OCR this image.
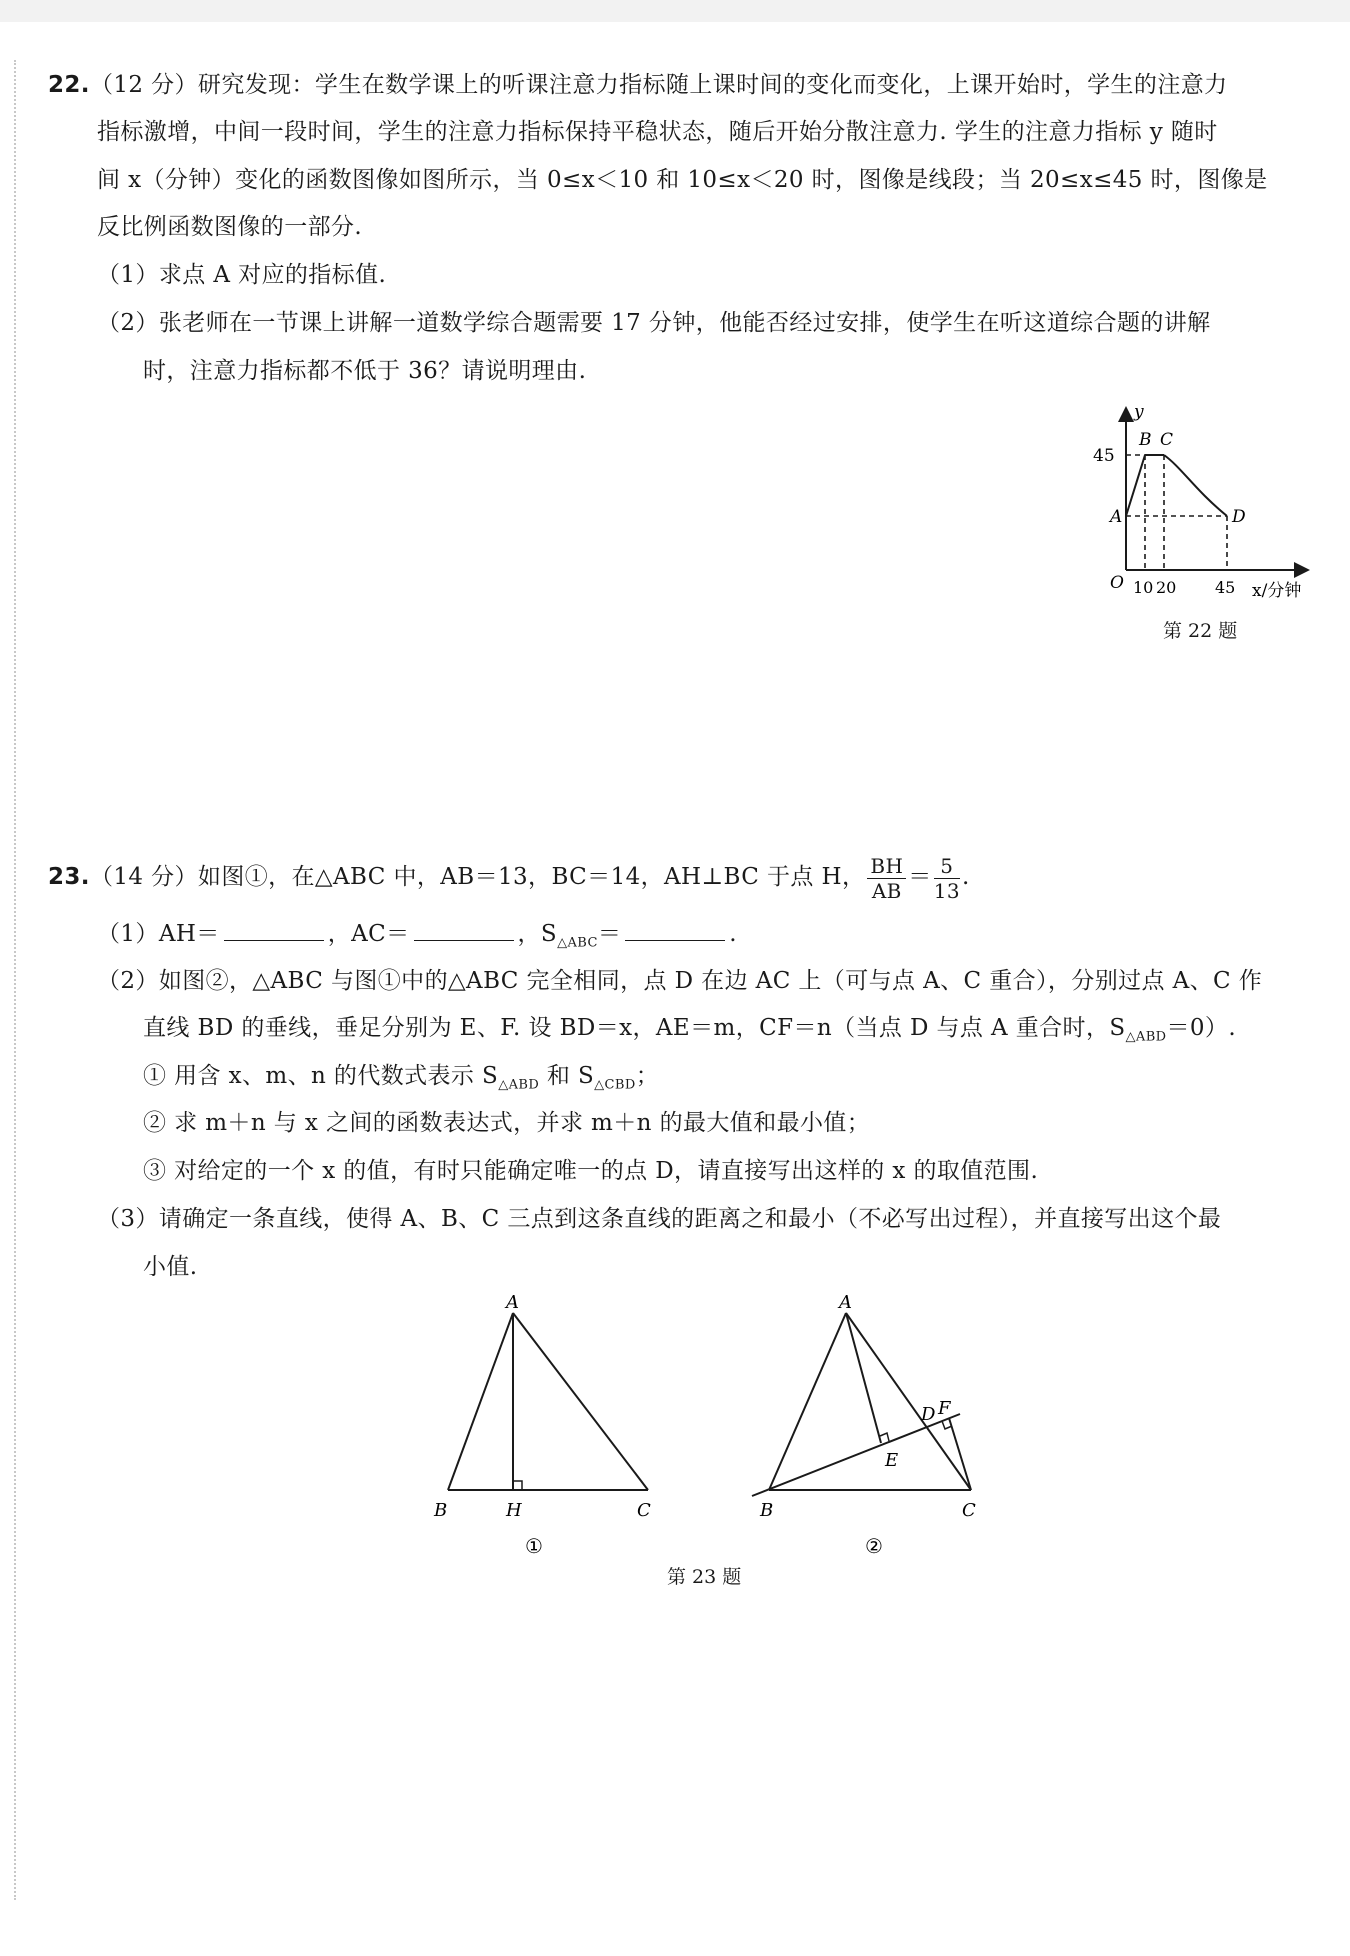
22.（12 分）研究发现：学生在数学课上的听课注意力指标随上课时间的变化而变化，上课开始时，学生的注意力
指标激增，中间一段时间，学生的注意力指标保持平稳状态，随后开始分散注意力. 学生的注意力指标 y 随时
间 x（分钟）变化的函数图像如图所示，当 0≤x＜10 和 10≤x＜20 时，图像是线段；当 20≤x≤45 时，图像是
反比例函数图像的一部分.
（1）求点 A 对应的指标值.
（2）张老师在一节课上讲解一道数学综合题需要 17 分钟，他能否经过安排，使学生在听这道综合题的讲解
时，注意力指标都不低于 36？请说明理由.
y
45
B C
A	D
O 10 20 45 x/分钟
第 22 题
23.（14 分）如图①，在△ABC 中，AB＝13，BC＝14，AH⊥BC 于点 H， $\frac{BH}{AB} = \frac{5}{13}$ .
（1）AH＝	，AC＝	，$S_{\triangle ABC}=$	.
（2）如图②，△ABC 与图①中的△ABC 完全相同，点 D 在边 AC 上（可与点 A、C 重合），分别过点 A、C 作
直线 BD 的垂线，垂足分别为 E、F. 设 BD＝x，AE＝m，CF＝n（当点 D 与点 A 重合时，$S_{\triangle ABD}=0$）.
① 用含 x、m、n 的代数式表示 $S_{\triangle ABD}$ 和 $S_{\triangle CBD}$；
② 求 m＋n 与 x 之间的函数表达式，并求 m＋n 的最大值和最小值；
③ 对给定的一个 x 的值，有时只能确定唯一的点 D，请直接写出这样的 x 的取值范围.
（3）请确定一条直线，使得 A、B、C 三点到这条直线的距离之和最小（不必写出过程），并直接写出这个最
小值.
A
B	H	C
①
A
B	C
D F
E
②
第 23 题
